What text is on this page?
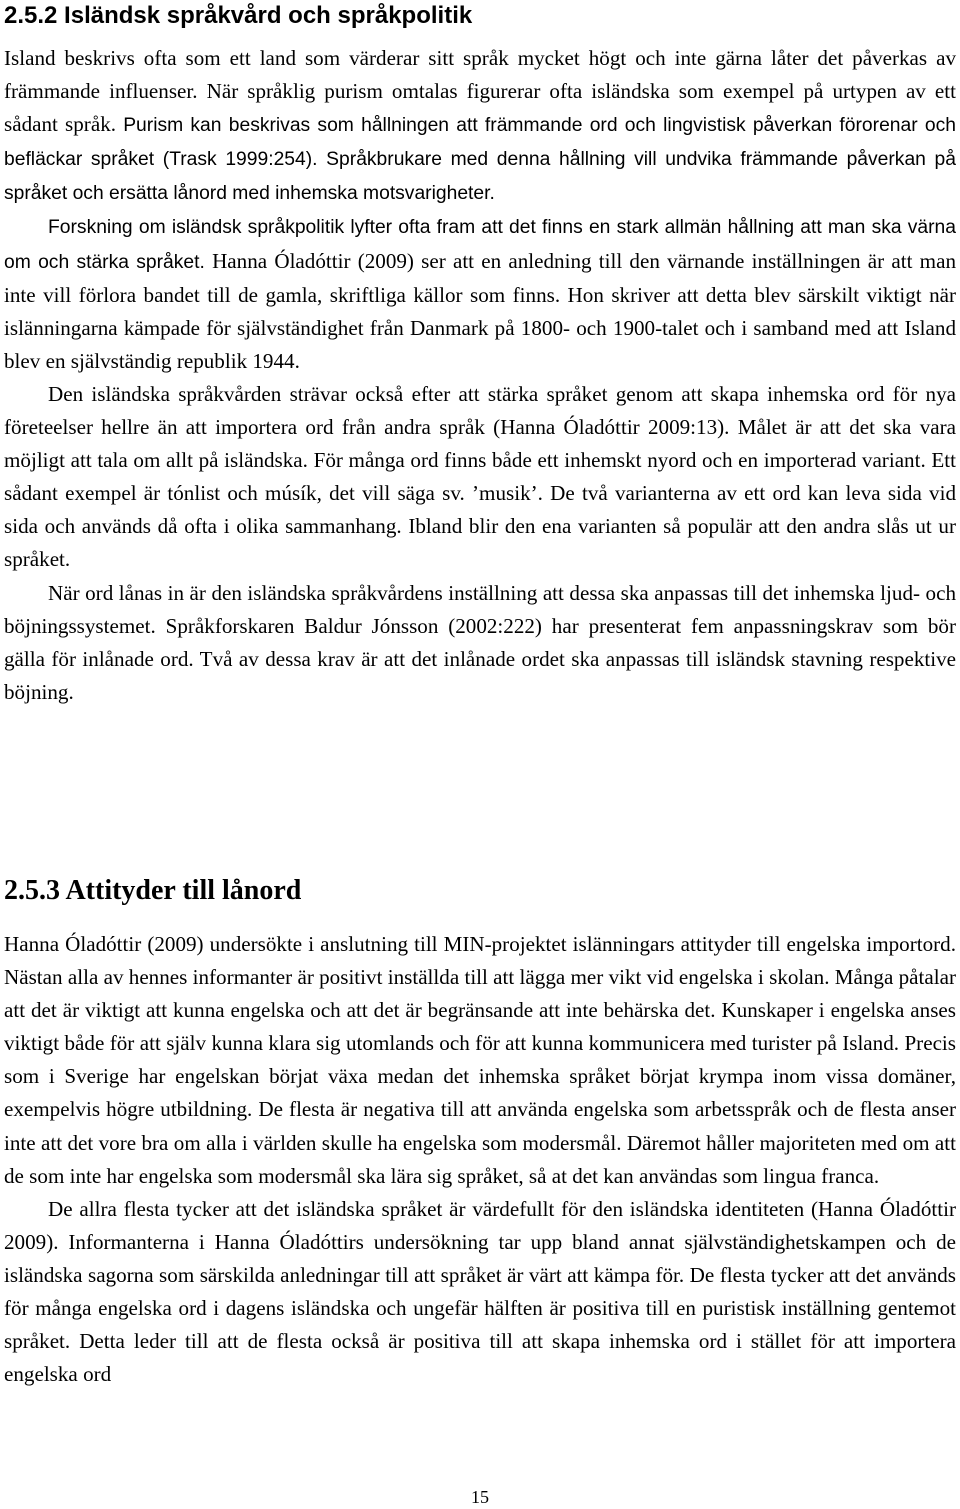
2.5.2 Isländsk språkvård och språkpolitik

Island beskrivs ofta som ett land som värderar sitt språk mycket högt och inte gärna låter det påverkas av främmande influenser. När språklig purism omtalas figurerar ofta isländska som exempel på urtypen av ett sådant språk. Purism kan beskrivas som hållningen att främmande ord och lingvistisk påverkan förorenar och befläckar språket (Trask 1999:254). Språkbrukare med denna hållning vill undvika främmande påverkan på språket och ersätta lånord med inhemska motsvarigheter.

Forskning om isländsk språkpolitik lyfter ofta fram att det finns en stark allmän hållning att man ska värna om och stärka språket. Hanna Óladóttir (2009) ser att en anledning till den värnande inställningen är att man inte vill förlora bandet till de gamla, skriftliga källor som finns. Hon skriver att detta blev särskilt viktigt när islänningarna kämpade för självständighet från Danmark på 1800- och 1900-talet och i samband med att Island blev en självständig republik 1944.

Den isländska språkvården strävar också efter att stärka språket genom att skapa inhemska ord för nya företeelser hellre än att importera ord från andra språk (Hanna Óladóttir 2009:13). Målet är att det ska vara möjligt att tala om allt på isländska. För många ord finns både ett inhemskt nyord och en importerad variant. Ett sådant exempel är tónlist och músík, det vill säga sv. ’musik’. De två varianterna av ett ord kan leva sida vid sida och används då ofta i olika sammanhang. Ibland blir den ena varianten så populär att den andra slås ut ur språket.

När ord lånas in är den isländska språkvårdens inställning att dessa ska anpassas till det inhemska ljud- och böjningssystemet. Språkforskaren Baldur Jónsson (2002:222) har presenterat fem anpassningskrav som bör gälla för inlånade ord. Två av dessa krav är att det inlånade ordet ska anpassas till isländsk stavning respektive böjning.

2.5.3 Attityder till lånord

Hanna Óladóttir (2009) undersökte i anslutning till MIN-projektet islänningars attityder till engelska importord. Nästan alla av hennes informanter är positivt inställda till att lägga mer vikt vid engelska i skolan. Många påtalar att det är viktigt att kunna engelska och att det är begränsande att inte behärska det. Kunskaper i engelska anses viktigt både för att själv kunna klara sig utomlands och för att kunna kommunicera med turister på Island. Precis som i Sverige har engelskan börjat växa medan det inhemska språket börjat krympa inom vissa domäner, exempelvis högre utbildning. De flesta är negativa till att använda engelska som arbetsspråk och de flesta anser inte att det vore bra om alla i världen skulle ha engelska som modersmål. Däremot håller majoriteten med om att de som inte har engelska som modersmål ska lära sig språket, så at det kan användas som lingua franca.

De allra flesta tycker att det isländska språket är värdefullt för den isländska identiteten (Hanna Óladóttir 2009). Informanterna i Hanna Óladóttirs undersökning tar upp bland annat självständighetskampen och de isländska sagorna som särskilda anledningar till att språket är värt att kämpa för. De flesta tycker att det används för många engelska ord i dagens isländska och ungefär hälften är positiva till en puristisk inställning gentemot språket. Detta leder till att de flesta också är positiva till att skapa inhemska ord i stället för att importera engelska ord

15
